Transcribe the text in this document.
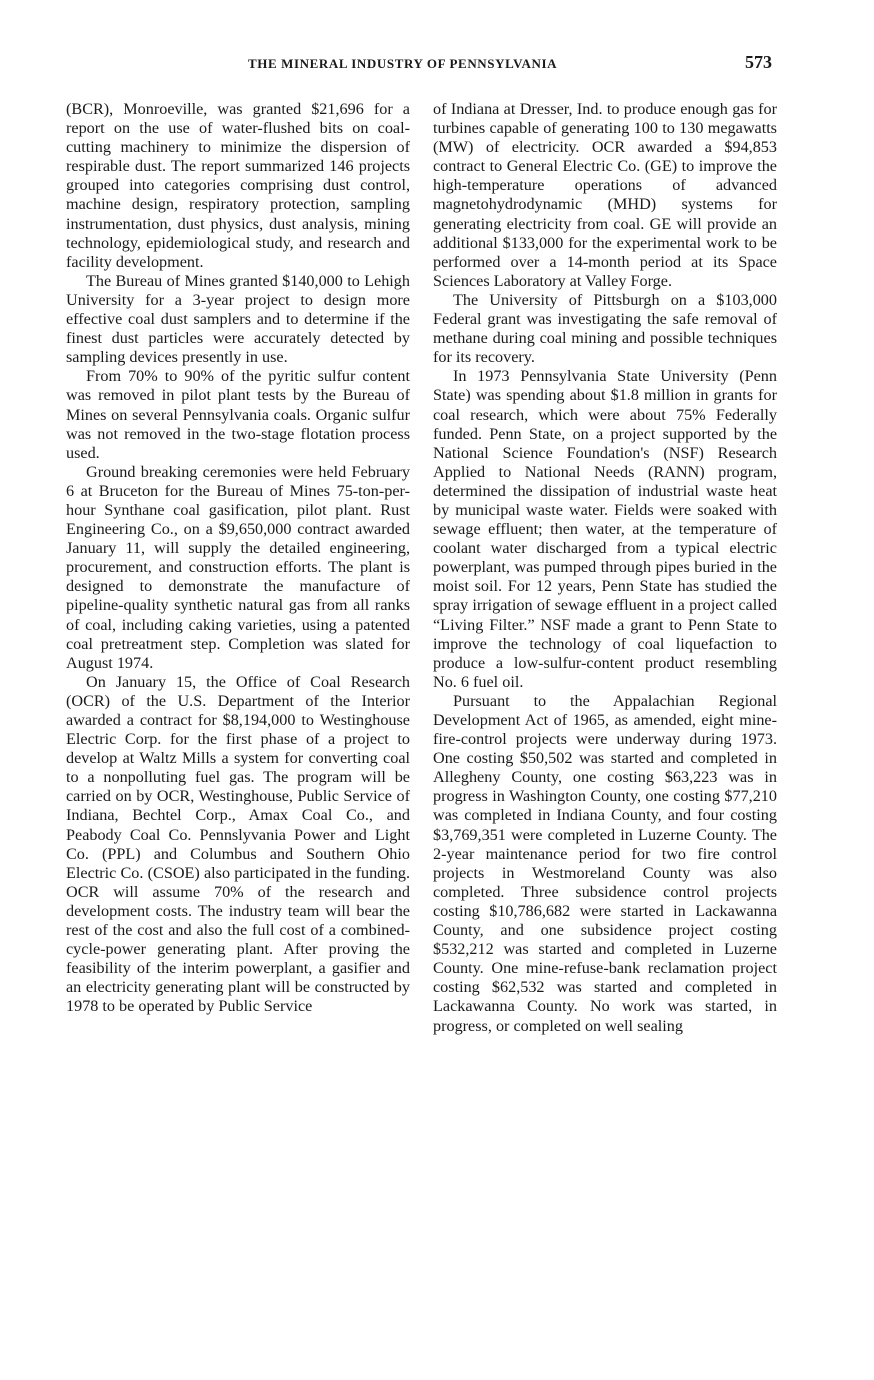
THE MINERAL INDUSTRY OF PENNSYLVANIA	573

(BCR), Monroeville, was granted $21,696 for a report on the use of water-flushed bits on coal-cutting machinery to minimize the dispersion of respirable dust. The report summarized 146 projects grouped into categories comprising dust control, machine design, respiratory protection, sampling instrumentation, dust physics, dust analysis, mining technology, epidemiological study, and research and facility development.

The Bureau of Mines granted $140,000 to Lehigh University for a 3-year project to design more effective coal dust samplers and to determine if the finest dust particles were accurately detected by sampling devices presently in use.

From 70% to 90% of the pyritic sulfur content was removed in pilot plant tests by the Bureau of Mines on several Pennsylvania coals. Organic sulfur was not removed in the two-stage flotation process used.

Ground breaking ceremonies were held February 6 at Bruceton for the Bureau of Mines 75-ton-per-hour Synthane coal gasification, pilot plant. Rust Engineering Co., on a $9,650,000 contract awarded January 11, will supply the detailed engineering, procurement, and construction efforts. The plant is designed to demonstrate the manufacture of pipeline-quality synthetic natural gas from all ranks of coal, including caking varieties, using a patented coal pretreatment step. Completion was slated for August 1974.

On January 15, the Office of Coal Research (OCR) of the U.S. Department of the Interior awarded a contract for $8,194,000 to Westinghouse Electric Corp. for the first phase of a project to develop at Waltz Mills a system for converting coal to a nonpolluting fuel gas. The program will be carried on by OCR, Westinghouse, Public Service of Indiana, Bechtel Corp., Amax Coal Co., and Peabody Coal Co. Pennslyvania Power and Light Co. (PPL) and Columbus and Southern Ohio Electric Co. (CSOE) also participated in the funding. OCR will assume 70% of the research and development costs. The industry team will bear the rest of the cost and also the full cost of a combined-cycle-power generating plant. After proving the feasibility of the interim powerplant, a gasifier and an electricity generating plant will be constructed by 1978 to be operated by Public Service

of Indiana at Dresser, Ind. to produce enough gas for turbines capable of generating 100 to 130 megawatts (MW) of electricity. OCR awarded a $94,853 contract to General Electric Co. (GE) to improve the high-temperature operations of advanced magnetohydrodynamic (MHD) systems for generating electricity from coal. GE will provide an additional $133,000 for the experimental work to be performed over a 14-month period at its Space Sciences Laboratory at Valley Forge.

The University of Pittsburgh on a $103,000 Federal grant was investigating the safe removal of methane during coal mining and possible techniques for its recovery.

In 1973 Pennsylvania State University (Penn State) was spending about $1.8 million in grants for coal research, which were about 75% Federally funded. Penn State, on a project supported by the National Science Foundation's (NSF) Research Applied to National Needs (RANN) program, determined the dissipation of industrial waste heat by municipal waste water. Fields were soaked with sewage effluent; then water, at the temperature of coolant water discharged from a typical electric powerplant, was pumped through pipes buried in the moist soil. For 12 years, Penn State has studied the spray irrigation of sewage effluent in a project called “Living Filter.” NSF made a grant to Penn State to improve the technology of coal liquefaction to produce a low-sulfur-content product resembling No. 6 fuel oil.

Pursuant to the Appalachian Regional Development Act of 1965, as amended, eight mine-fire-control projects were underway during 1973. One costing $50,502 was started and completed in Allegheny County, one costing $63,223 was in progress in Washington County, one costing $77,210 was completed in Indiana County, and four costing $3,769,351 were completed in Luzerne County. The 2-year maintenance period for two fire control projects in Westmoreland County was also completed. Three subsidence control projects costing $10,786,682 were started in Lackawanna County, and one subsidence project costing $532,212 was started and completed in Luzerne County. One mine-refuse-bank reclamation project costing $62,532 was started and completed in Lackawanna County. No work was started, in progress, or completed on well sealing
